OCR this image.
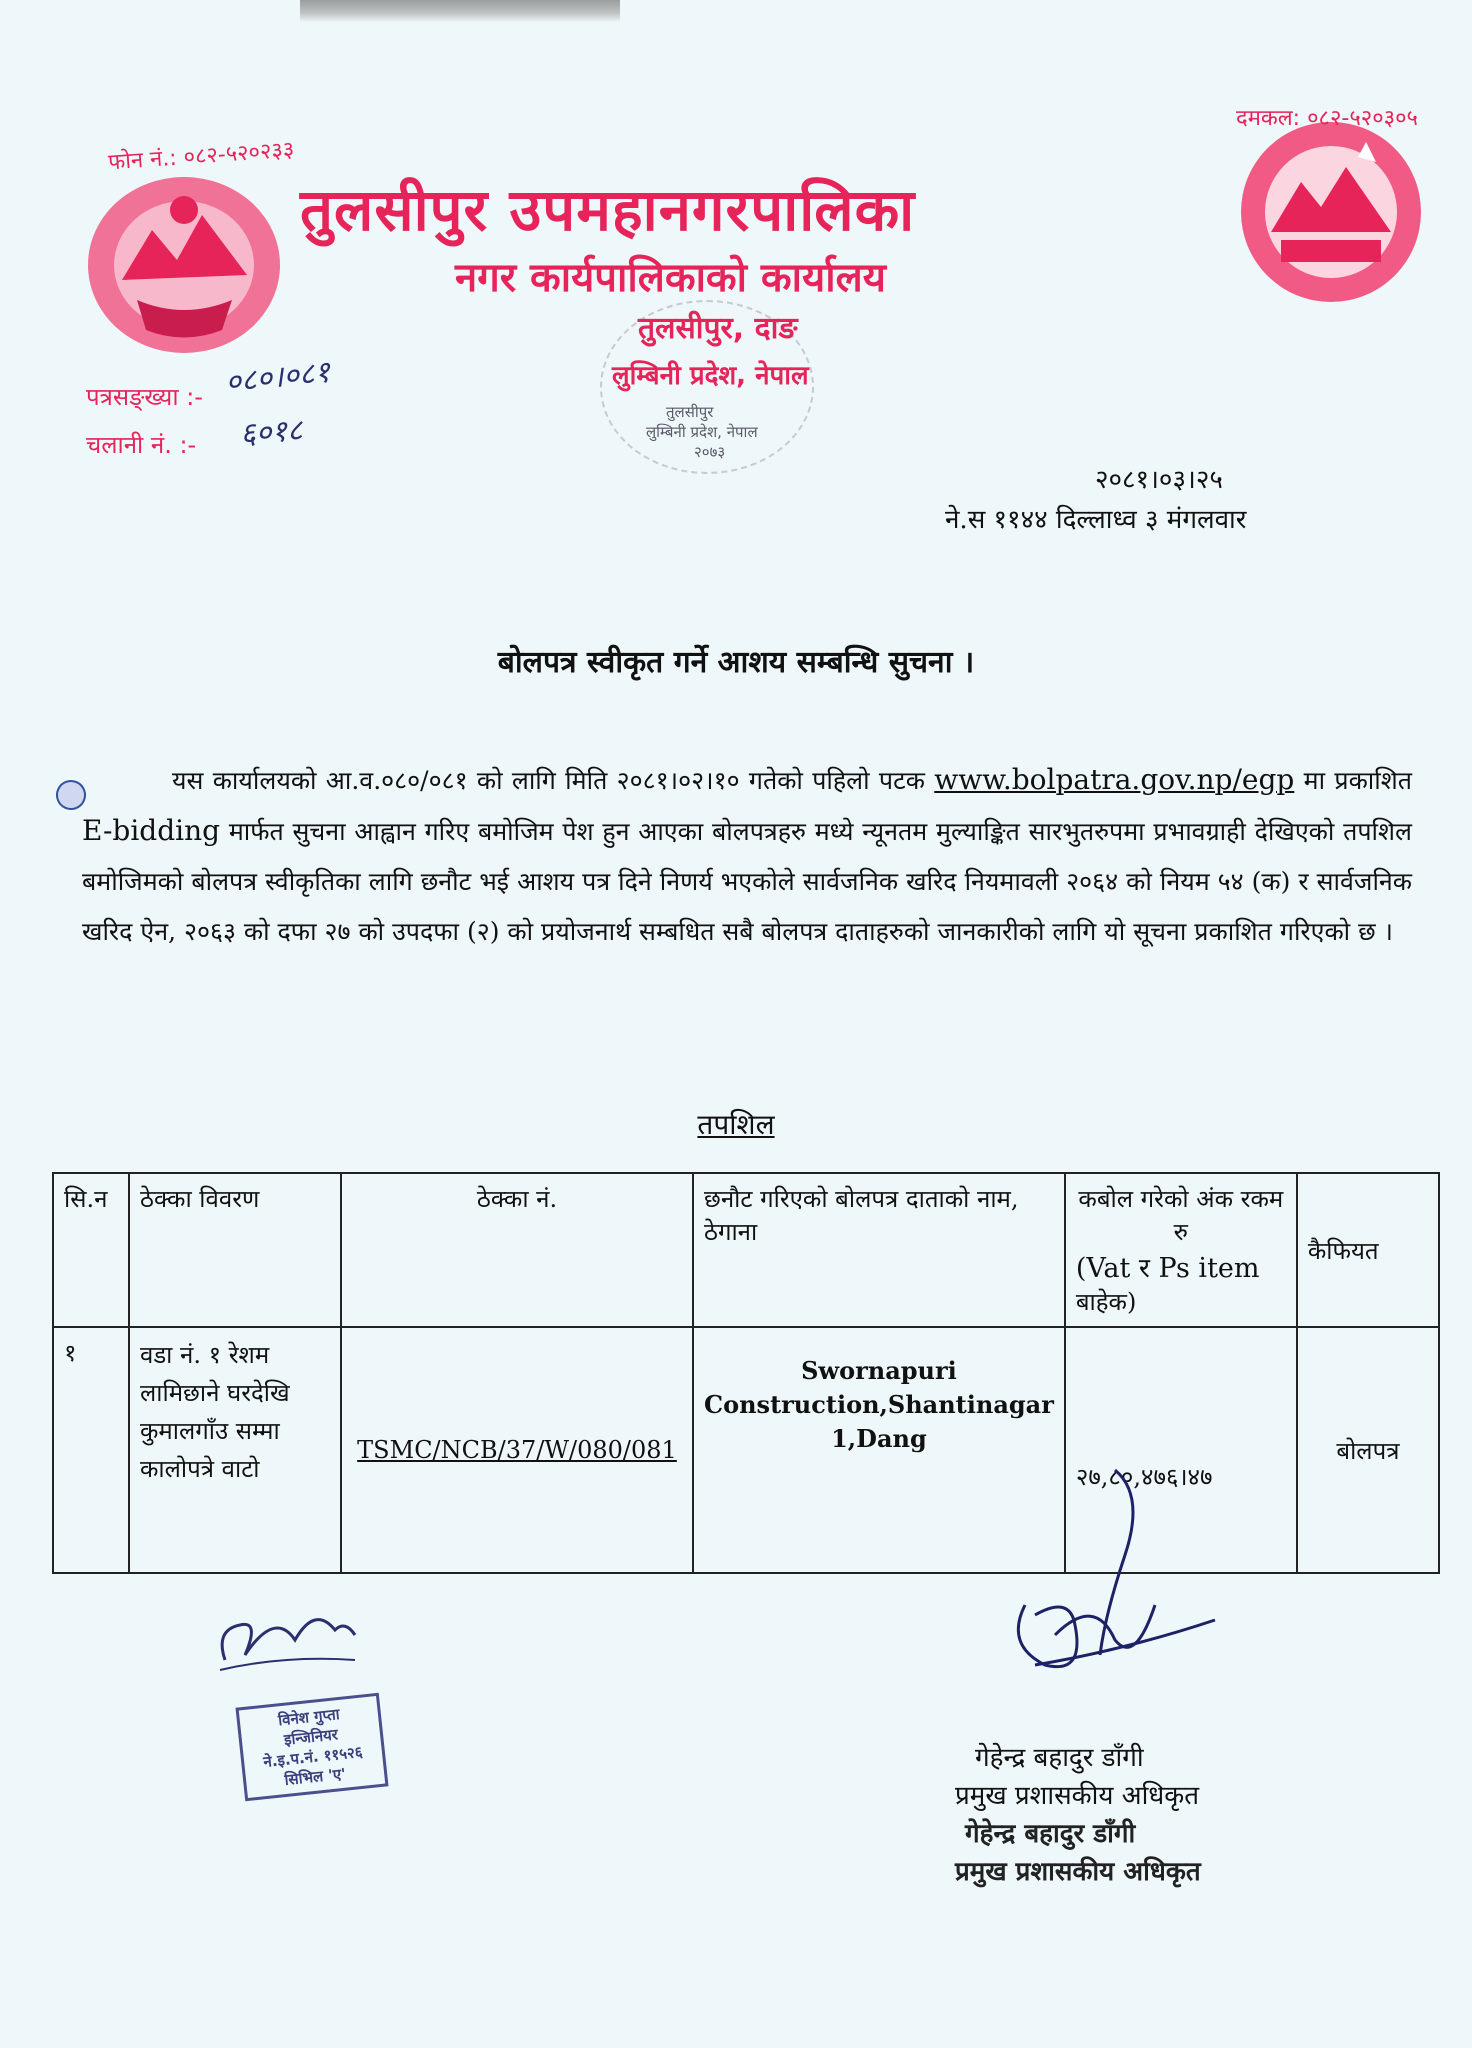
फोन नं.: ०८२-५२०२३३
दमकल: ०८२-५२०३०५
तुलसीपुर उपमहानगरपालिका
नगर कार्यपालिकाको कार्यालय
तुलसीपुर
लुम्बिनी प्रदेश, नेपाल
२०७३
तुलसीपुर, दाङ
लुम्बिनी प्रदेश, नेपाल
पत्रसङ्ख्या :- ०८०।०८१
चलानी नं. :- ६०१८
२०८१।०३।२५
ने.स ११४४ दिल्लाध्व ३ मंगलवार
बोलपत्र स्वीकृत गर्ने आशय सम्बन्धि सुचना ।
यस कार्यालयको आ.व.०८०/०८१ को लागि मिति २०८१।०२।१० गतेको पहिलो पटक www.bolpatra.gov.np/egp मा प्रकाशित E-bidding मार्फत सुचना आह्वान गरिए बमोजिम पेश हुन आएका बोलपत्रहरु मध्ये न्यूनतम मुल्याङ्कित सारभुतरुपमा प्रभावग्राही देखिएको तपशिल बमोजिमको बोलपत्र स्वीकृतिका लागि छनौट भई आशय पत्र दिने निणर्य भएकोले सार्वजनिक खरिद नियमावली २०६४ को नियम ५४ (क) र सार्वजनिक खरिद ऐन, २०६३ को दफा २७ को उपदफा (२) को प्रयोजनार्थ सम्बधित सबै बोलपत्र दाताहरुको जानकारीको लागि यो सूचना प्रकाशित गरिएको छ ।
तपशिल
सि.न	ठेक्का विवरण	ठेक्का नं.	छनौट गरिएको बोलपत्र दाताको नाम, ठेगाना	कबोल गरेको अंक रकम रु
(Vat र Ps item
बाहेक)	कैफियत
१	वडा नं. १ रेशम लामिछाने घरदेखि कुमालगाँउ सम्मा कालोपत्रे वाटो	TSMC/NCB/37/W/080/081	Swornapuri
Construction,Shantinagar
1,Dang	२७,८०,४७६।४७	बोलपत्र
विनेश गुप्ता
इन्जिनियर
ने.इ.प.नं. ११५२६
सिभिल 'ए'
गेहेन्द्र बहादुर डाँगी
प्रमुख प्रशासकीय अधिकृत
गेहेन्द्र बहादुर डाँगी
प्रमुख प्रशासकीय अधिकृत
